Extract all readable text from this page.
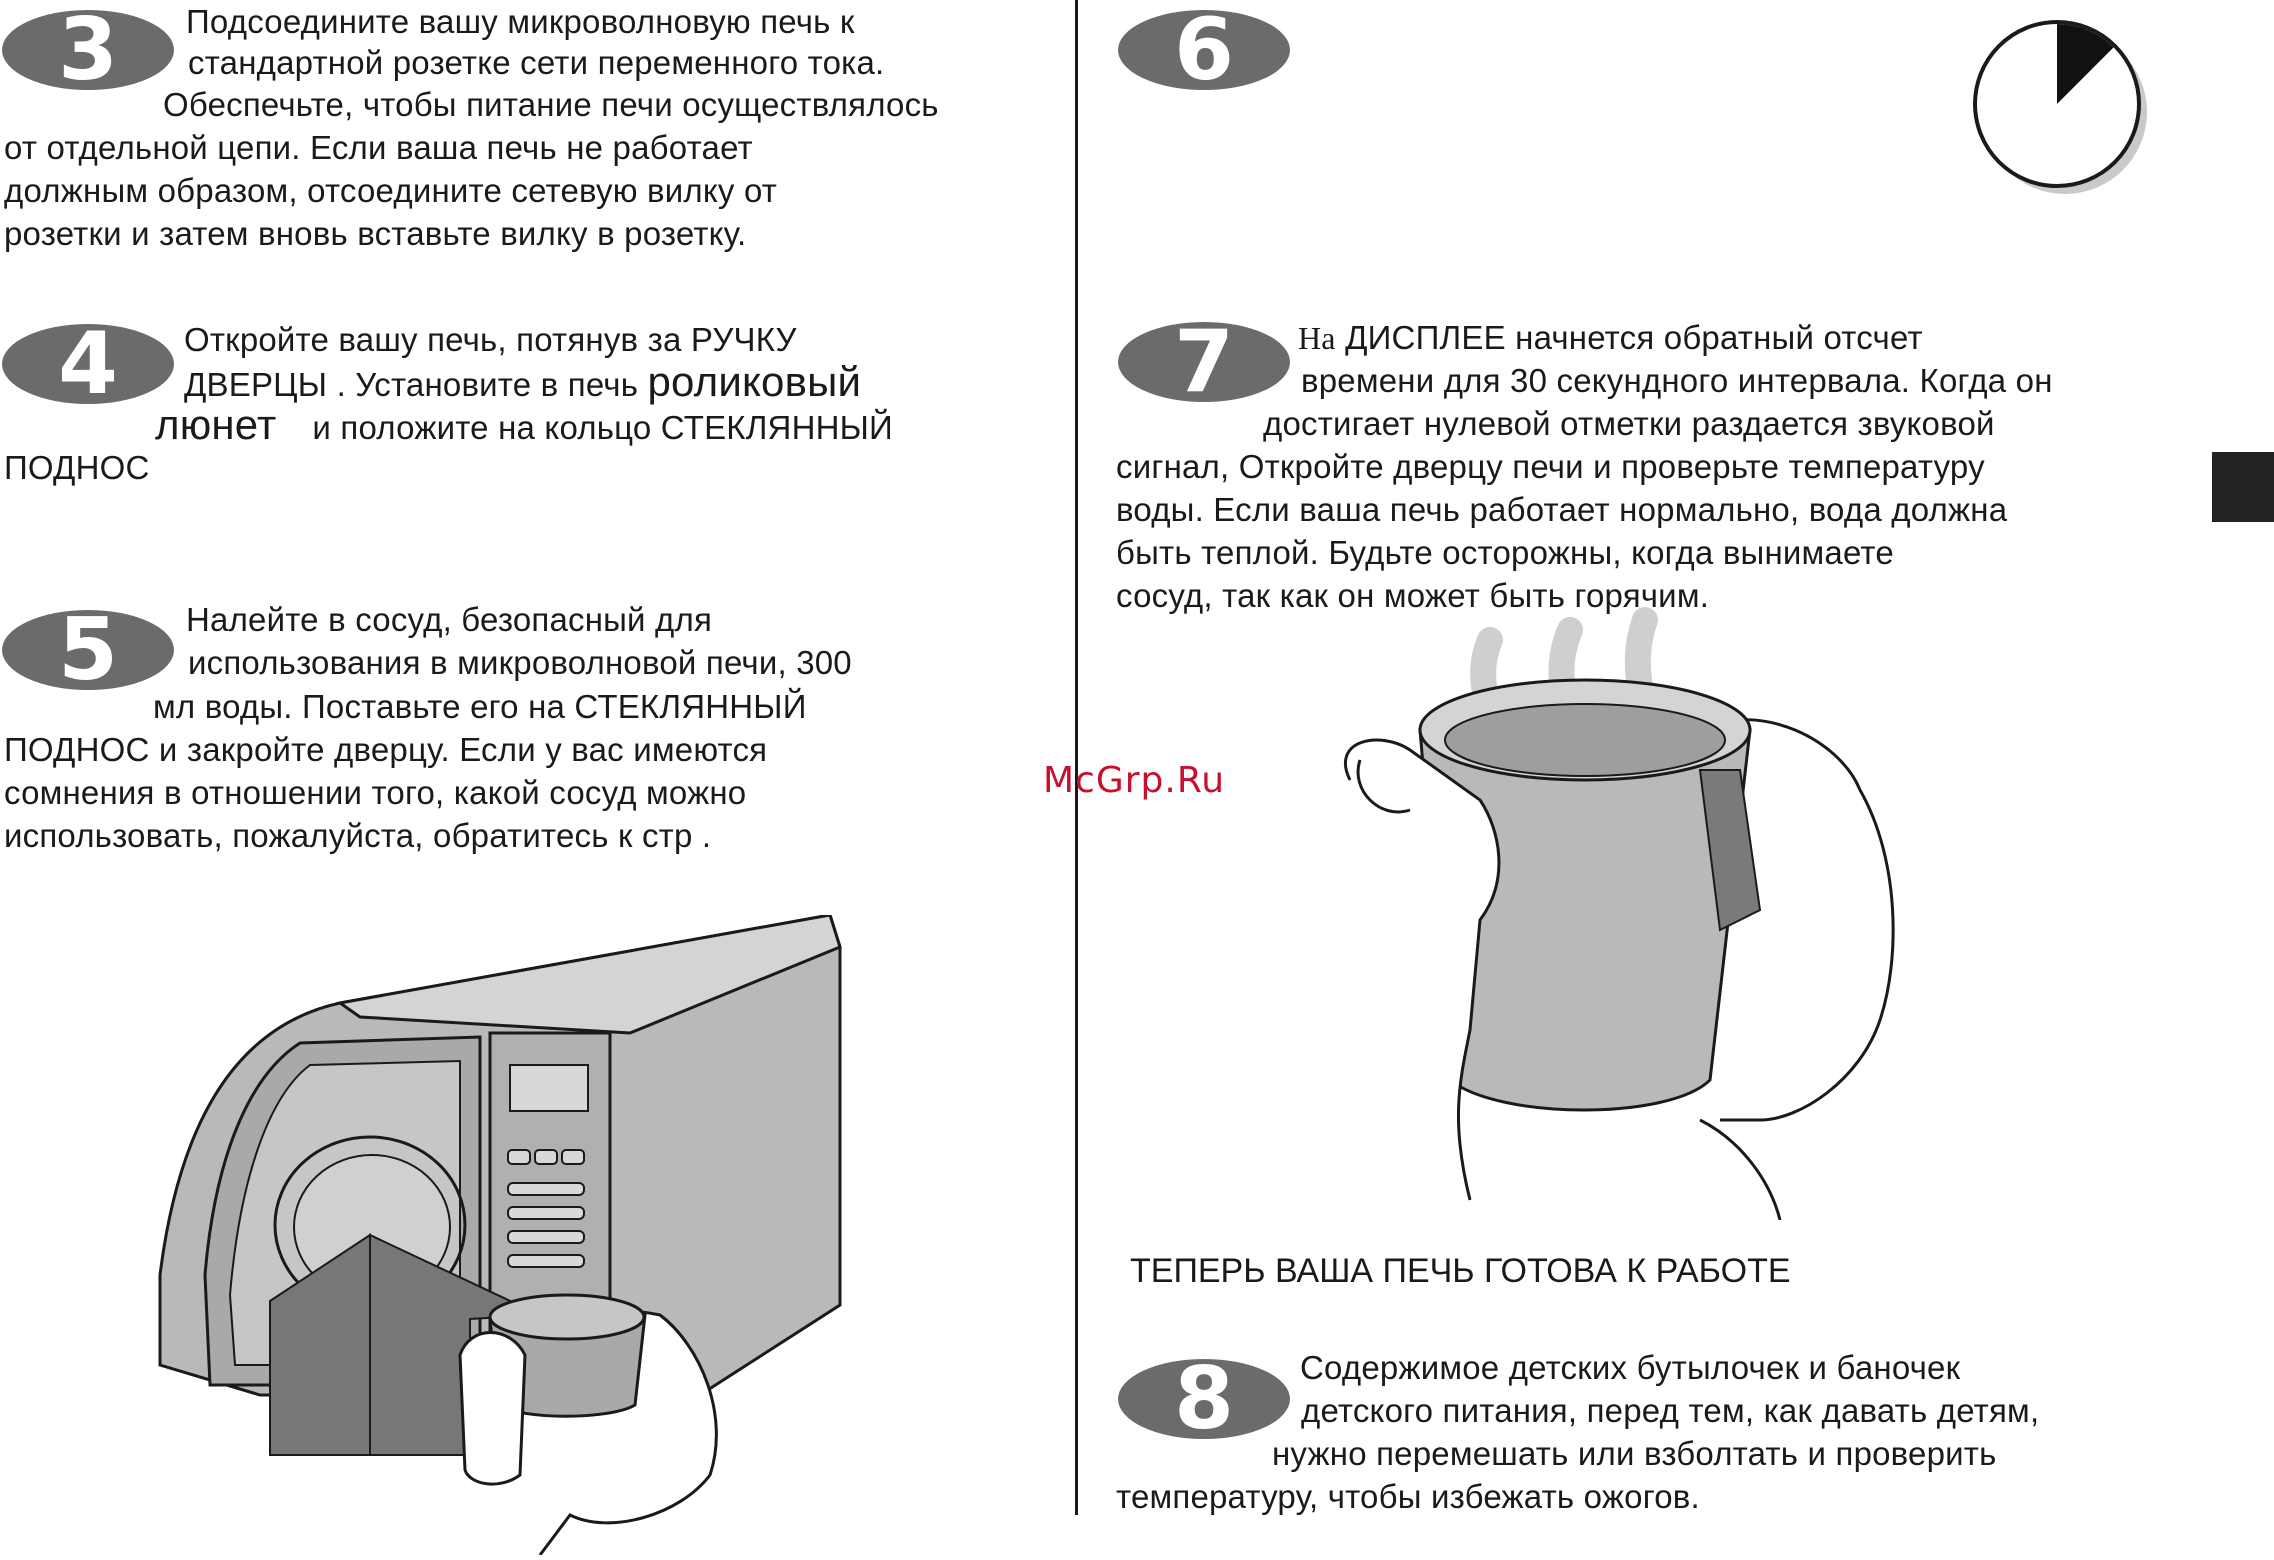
3 Подсоедините вашу микроволновую печь к
стандартной розетке сети переменного тока.
Обеспечьте, чтобы питание печи осуществлялось
от отдельной цепи. Если ваша печь не работает
должным образом, отсоедините сетевую вилку от
розетки и затем вновь вставьте вилку в розетку.
4 Откройте вашу печь, потянув за РУЧКУ
ДВЕРЦЫ . Установите в печь роликовый
люнет и положите на кольцо СТЕКЛЯННЫЙ
ПОДНОС
5 Налейте в сосуд, безопасный для
использования в микроволновой печи, 300
мл воды. Поставьте его на СТЕКЛЯННЫЙ
ПОДНОС и закройте дверцу. Если у вас имеются
сомнения в отношении того, какой сосуд можно
использовать, пожалуйста, обратитесь к стр .
6
7 На ДИСПЛЕЕ начнется обратный отсчет
времени для 30 секундного интервала. Когда он
достигает нулевой отметки раздается звуковой
сигнал, Откройте дверцу печи и проверьте температуру
воды. Если ваша печь работает нормально, вода должна
быть теплой. Будьте осторожны, когда вынимаете
сосуд, так как он может быть горячим.
ТЕПЕРЬ ВАША ПЕЧЬ ГОТОВА К РАБОТЕ
8 Содержимое детских бутылочек и баночек
детского питания, перед тем, как давать детям,
нужно перемешать или взболтать и проверить
температуру, чтобы избежать ожогов.
McGrp.Ru
